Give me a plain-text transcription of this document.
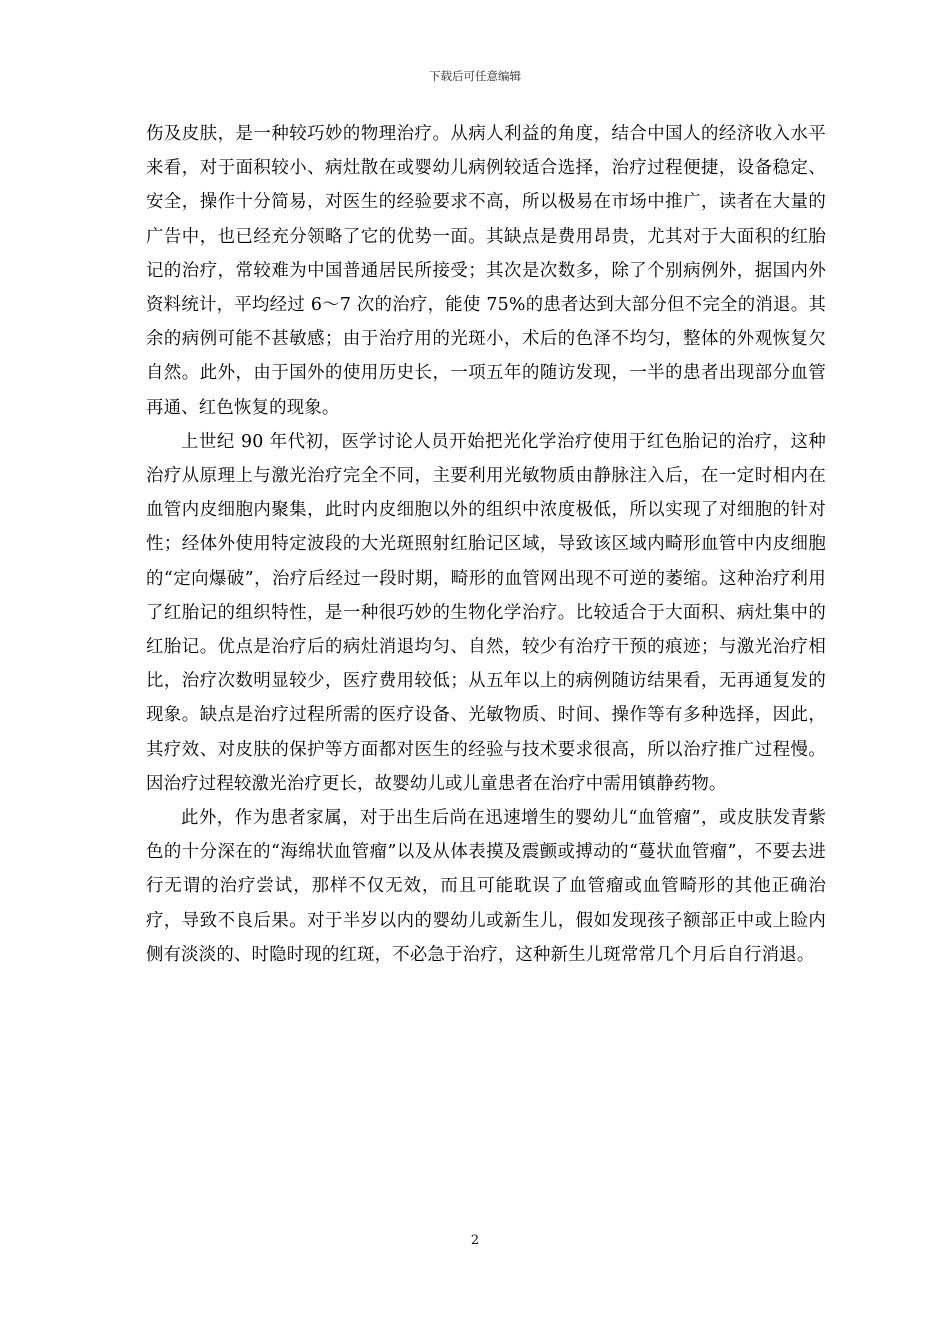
下载后可任意编辑

伤及皮肤，是一种较巧妙的物理治疗。从病人利益的角度，结合中国人的经济收入水平来看，对于面积较小、病灶散在或婴幼儿病例较适合选择，治疗过程便捷，设备稳定、安全，操作十分简易，对医生的经验要求不高，所以极易在市场中推广，读者在大量的广告中，也已经充分领略了它的优势一面。其缺点是费用昂贵，尤其对于大面积的红胎记的治疗，常较难为中国普通居民所接受；其次是次数多，除了个别病例外，据国内外资料统计，平均经过 6～7 次的治疗，能使 75%的患者达到大部分但不完全的消退。其余的病例可能不甚敏感；由于治疗用的光斑小，术后的色泽不均匀，整体的外观恢复欠自然。此外，由于国外的使用历史长，一项五年的随访发现，一半的患者出现部分血管再通、红色恢复的现象。

上世纪 90 年代初，医学讨论人员开始把光化学治疗使用于红色胎记的治疗，这种治疗从原理上与激光治疗完全不同，主要利用光敏物质由静脉注入后，在一定时相内在血管内皮细胞内聚集，此时内皮细胞以外的组织中浓度极低，所以实现了对细胞的针对性；经体外使用特定波段的大光斑照射红胎记区域，导致该区域内畸形血管中内皮细胞的“定向爆破”，治疗后经过一段时期，畸形的血管网出现不可逆的萎缩。这种治疗利用了红胎记的组织特性，是一种很巧妙的生物化学治疗。比较适合于大面积、病灶集中的红胎记。优点是治疗后的病灶消退均匀、自然，较少有治疗干预的痕迹；与激光治疗相比，治疗次数明显较少，医疗费用较低；从五年以上的病例随访结果看，无再通复发的现象。缺点是治疗过程所需的医疗设备、光敏物质、时间、操作等有多种选择，因此，其疗效、对皮肤的保护等方面都对医生的经验与技术要求很高，所以治疗推广过程慢。因治疗过程较激光治疗更长，故婴幼儿或儿童患者在治疗中需用镇静药物。

此外，作为患者家属，对于出生后尚在迅速增生的婴幼儿“血管瘤”，或皮肤发青紫色的十分深在的“海绵状血管瘤”以及从体表摸及震颤或搏动的“蔓状血管瘤”，不要去进行无谓的治疗尝试，那样不仅无效，而且可能耽误了血管瘤或血管畸形的其他正确治疗，导致不良后果。对于半岁以内的婴幼儿或新生儿，假如发现孩子额部正中或上睑内侧有淡淡的、时隐时现的红斑，不必急于治疗，这种新生儿斑常常几个月后自行消退。

2
